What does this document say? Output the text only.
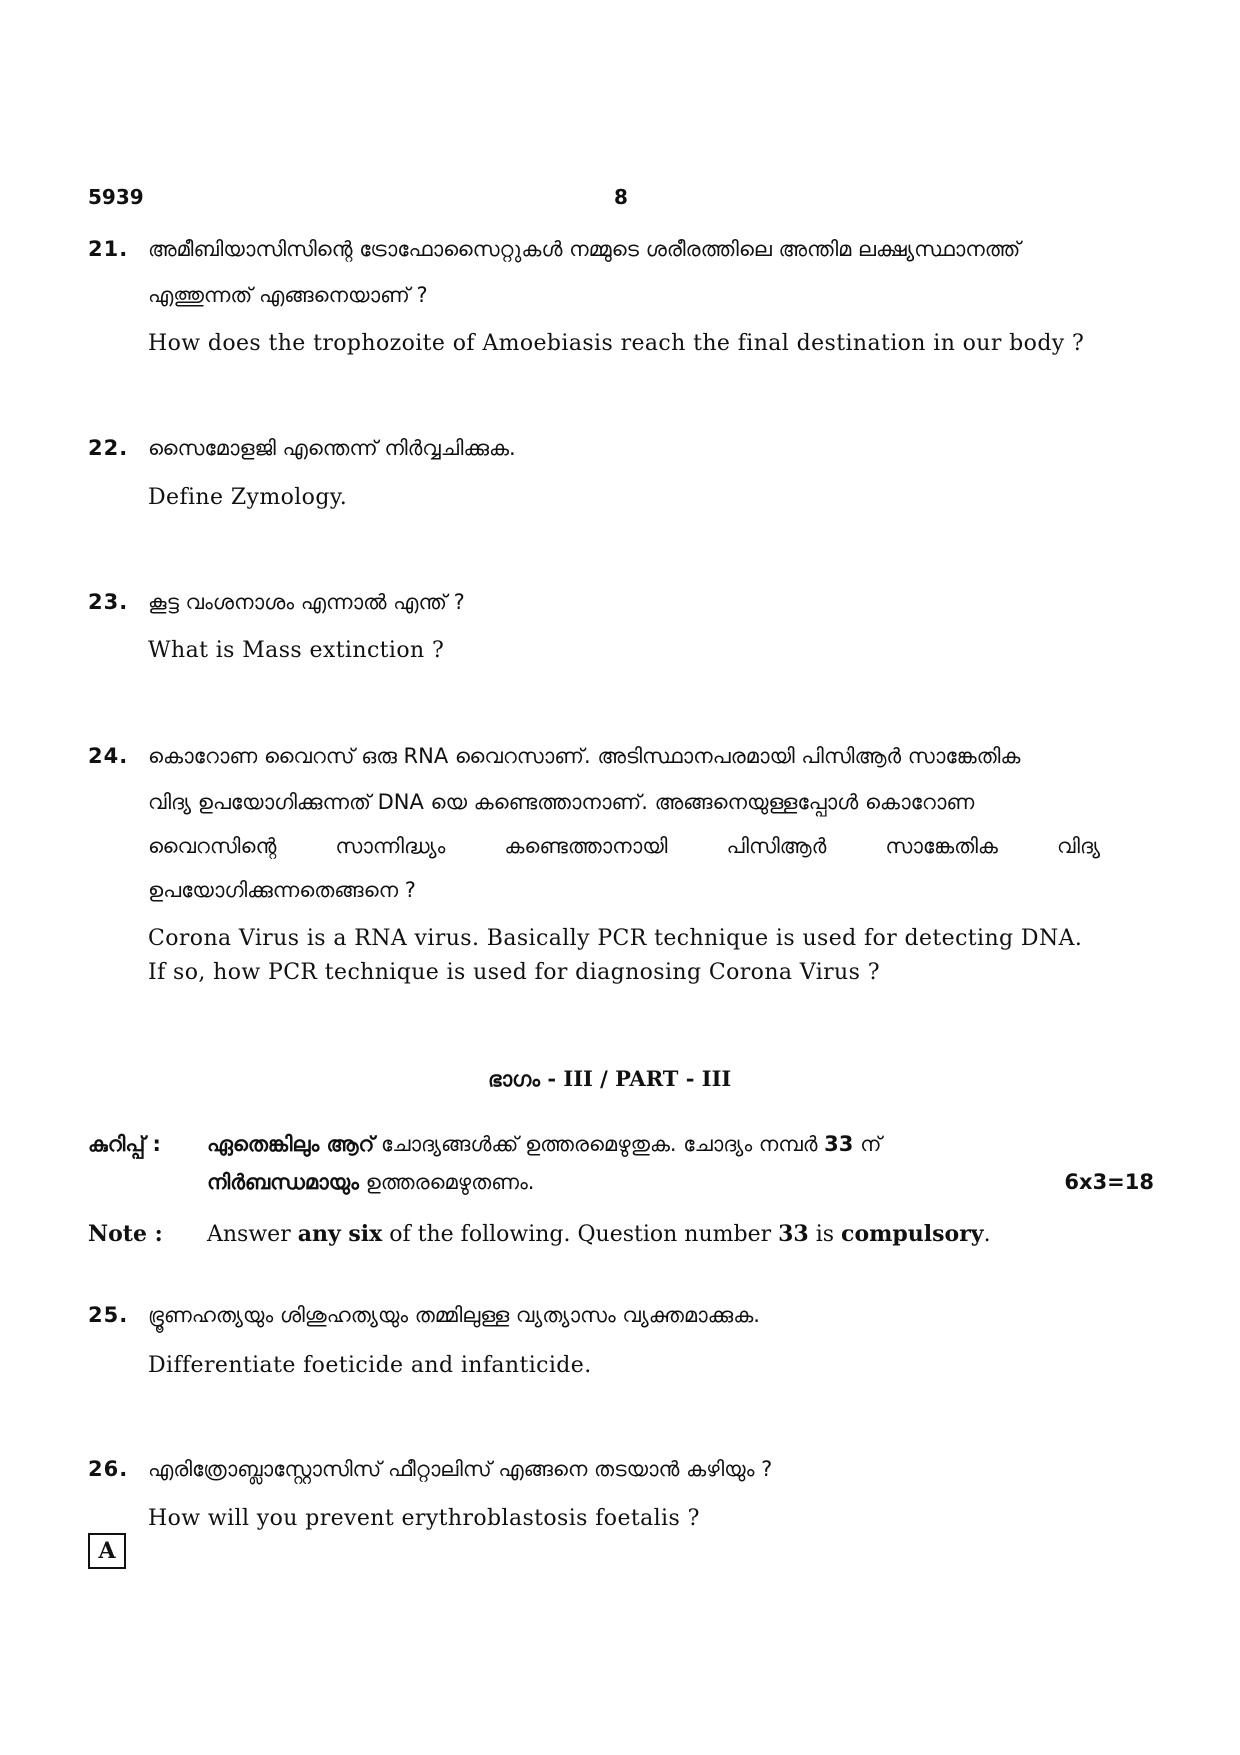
5939	8
21. അമീബിയാസിസിന്റെ ട്രോഫോസൈറ്റുകൾ നമ്മുടെ ശരീരത്തിലെ അന്തിമ ലക്ഷ്യസ്ഥാനത്ത്
എത്തുന്നത് എങ്ങനെയാണ് ?
How does the trophozoite of Amoebiasis reach the final destination in our body ?
22. സൈമോളജി എന്തെന്ന് നിർവ്വചിക്കുക.
Define Zymology.
23. കൂട്ട വംശനാശം എന്നാൽ എന്ത് ?
What is Mass extinction ?
24. കൊറോണ വൈറസ് ഒരു RNA വൈറസാണ്. അടിസ്ഥാനപരമായി പിസിആർ സാങ്കേതിക
വിദ്യ ഉപയോഗിക്കുന്നത് DNA യെ കണ്ടെത്താനാണ്. അങ്ങനെയുള്ളപ്പോൾ കൊറോണ
വൈറസിന്റെ സാന്നിദ്ധ്യം കണ്ടെത്താനായി പിസിആർ സാങ്കേതിക വിദ്യ
ഉപയോഗിക്കുന്നതെങ്ങനെ ?
Corona Virus is a RNA virus. Basically PCR technique is used for detecting DNA.
If so, how PCR technique is used for diagnosing Corona Virus ?
ഭാഗം - III / PART - III
കുറിപ്പ് : ഏതെങ്കിലും ആറ് ചോദ്യങ്ങൾക്ക് ഉത്തരമെഴുതുക. ചോദ്യം നമ്പർ 33 ന്
നിർബന്ധമായും ഉത്തരമെഴുതണം.	6x3=18
Note : Answer any six of the following. Question number 33 is compulsory.
25. ഭ്രൂണഹത്യയും ശിശുഹത്യയും തമ്മിലുള്ള വ്യത്യാസം വ്യക്തമാക്കുക.
Differentiate foeticide and infanticide.
26. എരിത്രോബ്ലാസ്റ്റോസിസ് ഫീറ്റാലിസ് എങ്ങനെ തടയാൻ കഴിയും ?
How will you prevent erythroblastosis foetalis ?
A
